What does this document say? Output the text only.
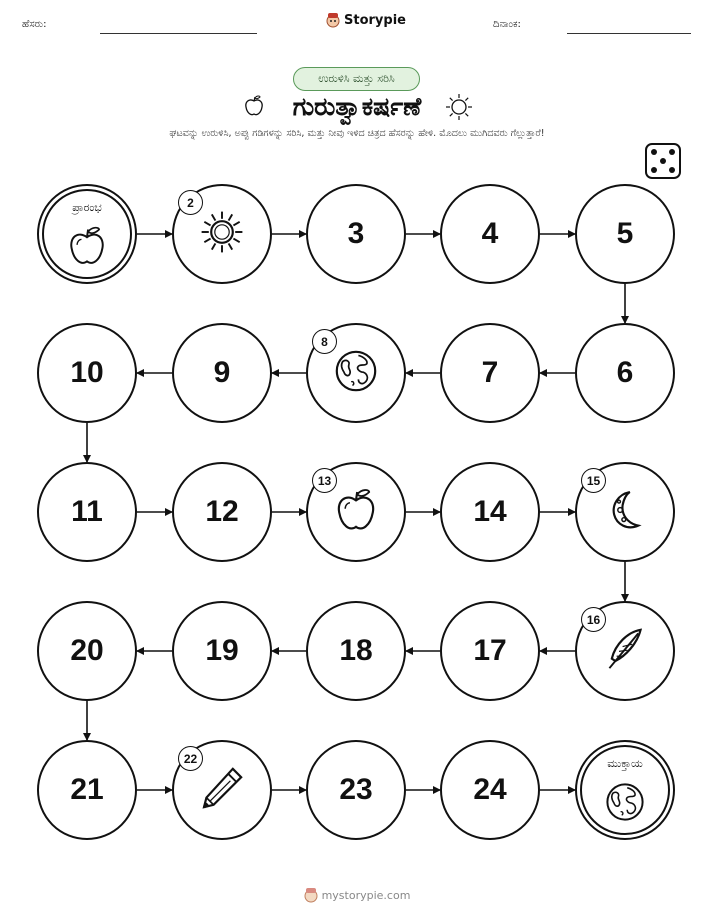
ಹೆಸರು:	Storypie	ದಿನಾಂಕ:
ಉರುಳಿಸಿ ಮತ್ತು ಸರಿಸಿ
ಗುರುತ್ವಾಕರ್ಷಣೆ
ಘಟವನ್ನು ಉರುಳಿಸಿ, ಅಪ್ಪು ಗಡಿಗಳನ್ನು ಸರಿಸಿ, ಮತ್ತು ನೀವು ಇಳಿದ ಚಿತ್ರದ ಹೆಸರನ್ನು ಹೇಳಿ. ಮೊದಲು ಮುಗಿದವರು ಗೆಲ್ಲುತ್ತಾರೆ!
ಪ್ರಾರಂಭ	2
3	4	5
6
7
8
9
10
11	12
13
14
15
16
17
18
19
20
21
22
23	24
ಮುಕ್ತಾಯ
mystorypie.com
